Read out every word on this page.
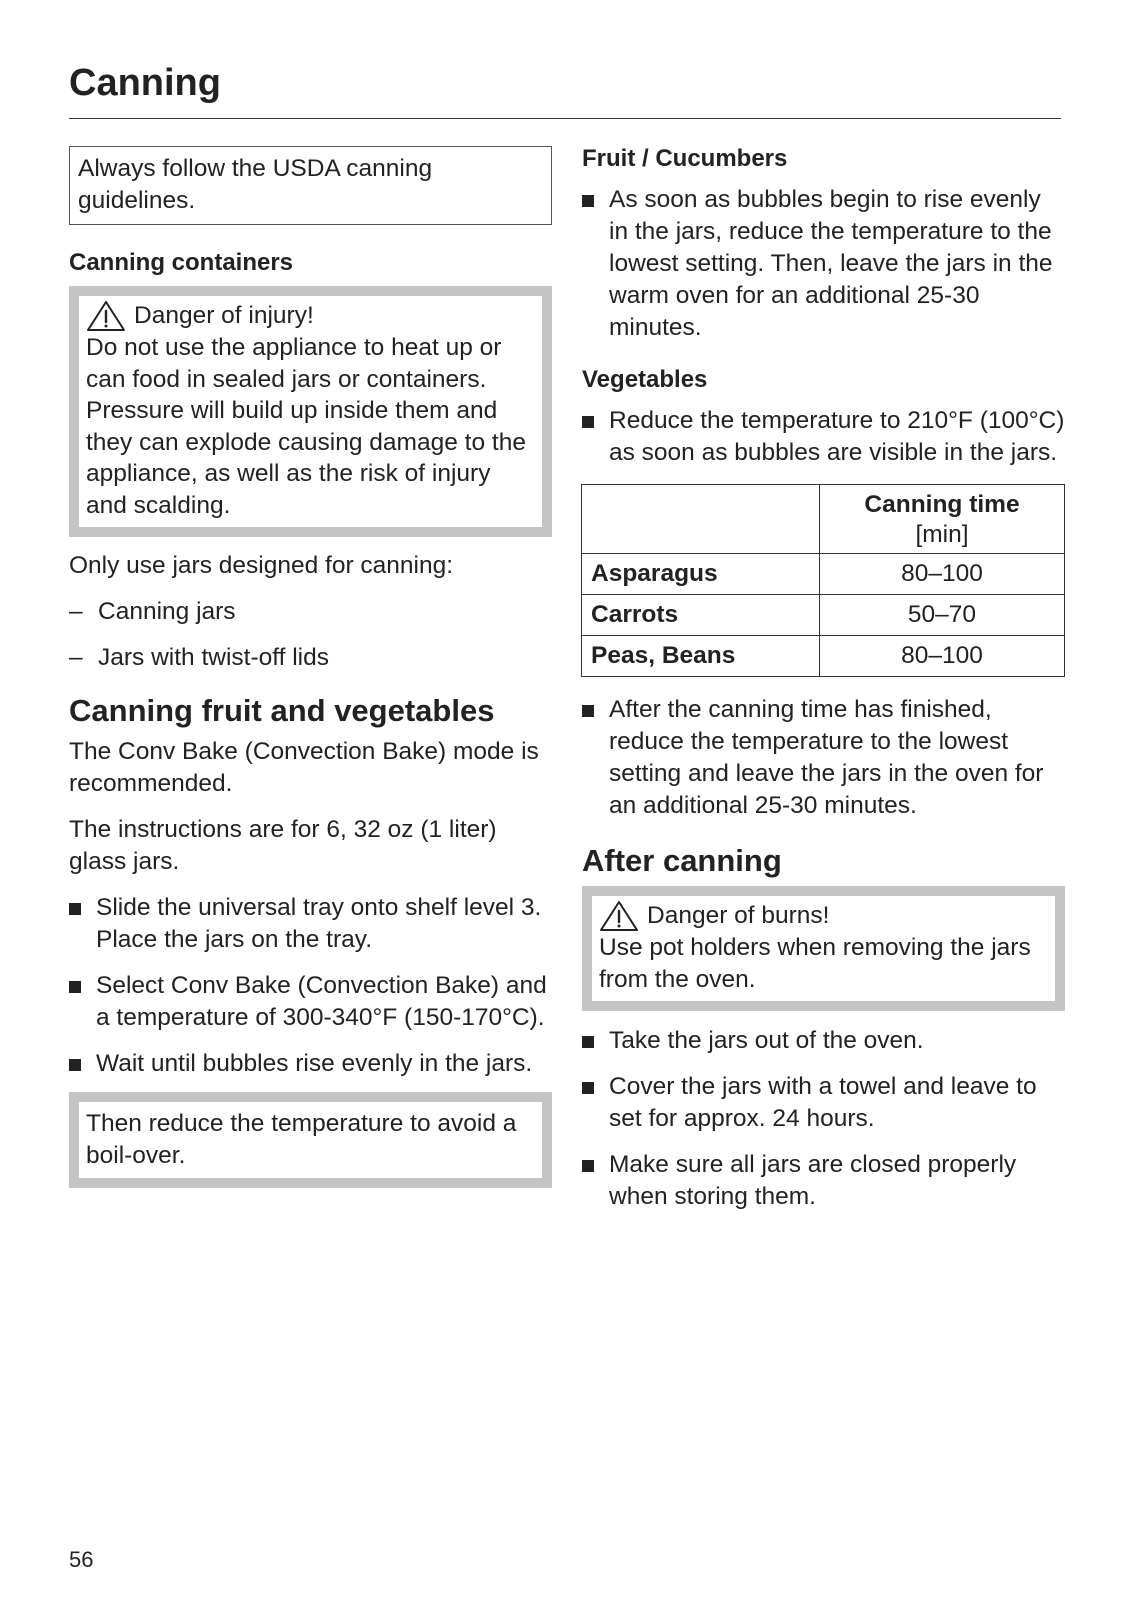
Canning
Always follow the USDA canning guidelines.
Canning containers
Danger of injury!
Do not use the appliance to heat up or can food in sealed jars or containers. Pressure will build up inside them and they can explode causing damage to the appliance, as well as the risk of injury and scalding.

Only use jars designed for canning:

– Canning jars
– Jars with twist-off lids
Canning fruit and vegetables

The Conv Bake (Convection Bake) mode is recommended.

The instructions are for 6, 32 oz (1 liter) glass jars.

Slide the universal tray onto shelf level 3. Place the jars on the tray.
Select Conv Bake (Convection Bake) and a temperature of 300-340°F (150-170°C).
Wait until bubbles rise evenly in the jars.
Then reduce the temperature to avoid a boil-over.
Fruit / Cucumbers
As soon as bubbles begin to rise evenly in the jars, reduce the temperature to the lowest setting. Then, leave the jars in the warm oven for an additional 25-30 minutes.
Vegetables
Reduce the temperature to 210°F (100°C) as soon as bubbles are visible in the jars.

	Canning time
[min]
Asparagus	80–100
Carrots	50–70
Peas, Beans	80–100
After the canning time has finished, reduce the temperature to the lowest setting and leave the jars in the oven for an additional 25-30 minutes.
After canning
Danger of burns!
Use pot holders when removing the jars from the oven.
Take the jars out of the oven.
Cover the jars with a towel and leave to set for approx. 24 hours.
Make sure all jars are closed properly when storing them.
56
